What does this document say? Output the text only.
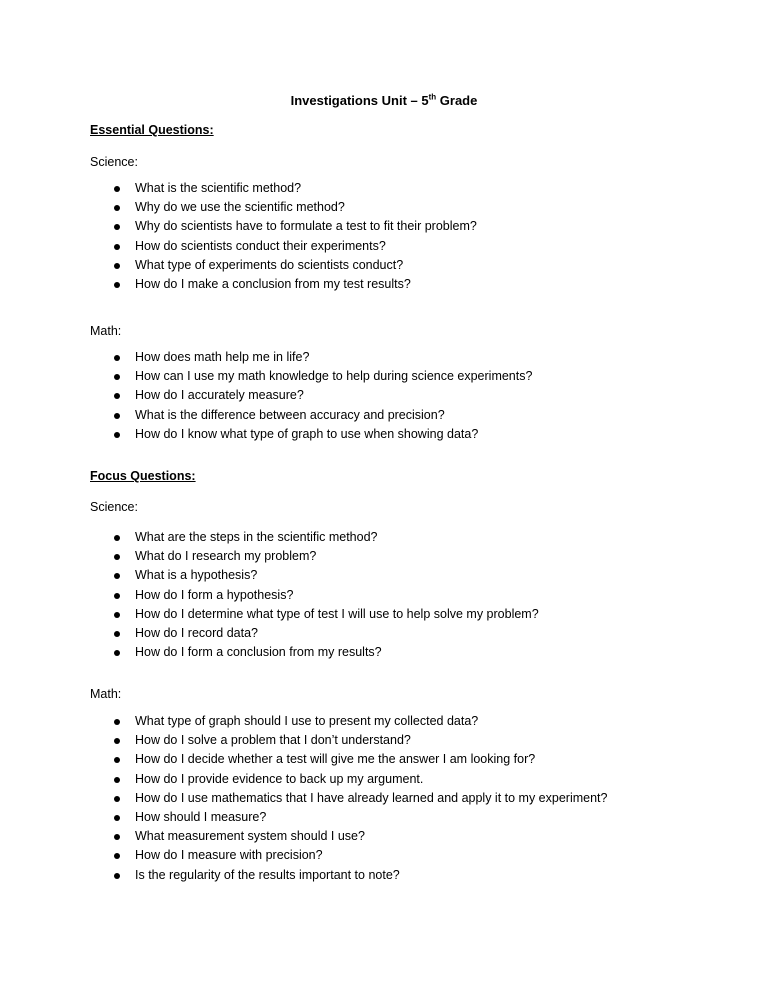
Investigations Unit – 5th Grade

Essential Questions:

Science:

What is the scientific method?
Why do we use the scientific method?
Why do scientists have to formulate a test to fit their problem?
How do scientists conduct their experiments?
What type of experiments do scientists conduct?
How do I make a conclusion from my test results?

Math:

How does math help me in life?
How can I use my math knowledge to help during science experiments?
How do I accurately measure?
What is the difference between accuracy and precision?
How do I know what type of graph to use when showing data?

Focus Questions:

Science:

What are the steps in the scientific method?
What do I research my problem?
What is a hypothesis?
How do I form a hypothesis?
How do I determine what type of test I will use to help solve my problem?
How do I record data?
How do I form a conclusion from my results?

Math:

What type of graph should I use to present my collected data?
How do I solve a problem that I don’t understand?
How do I decide whether a test will give me the answer I am looking for?
How do I provide evidence to back up my argument.
How do I use mathematics that I have already learned and apply it to my experiment?
How should I measure?
What measurement system should I use?
How do I measure with precision?
Is the regularity of the results important to note?
